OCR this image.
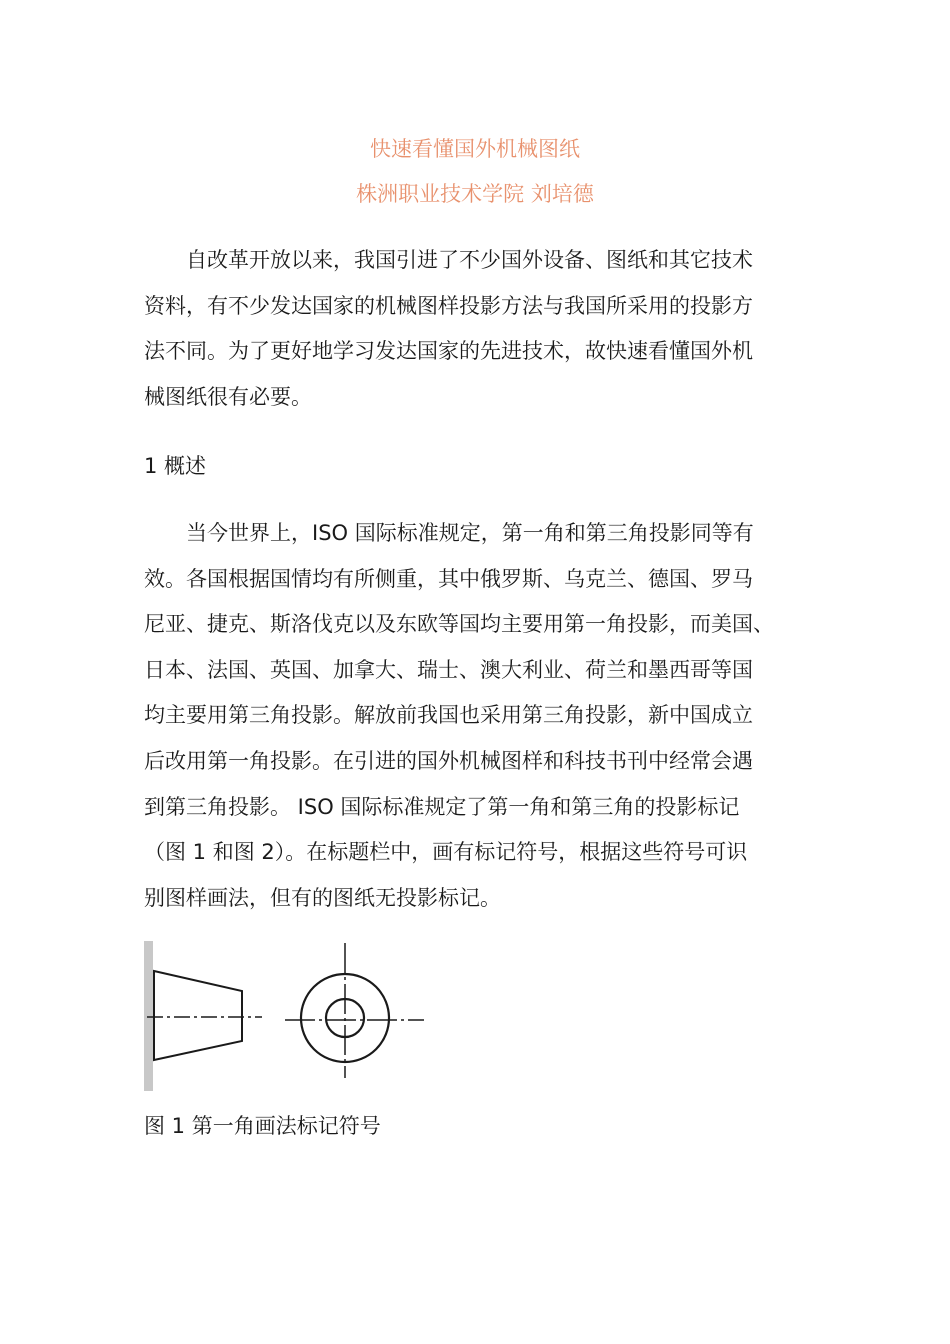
快速看懂国外机械图纸
株洲职业技术学院 刘培德
　　自改革开放以来，我国引进了不少国外设备、图纸和其它技术
资料，有不少发达国家的机械图样投影方法与我国所采用的投影方
法不同。为了更好地学习发达国家的先进技术，故快速看懂国外机
械图纸很有必要。
1 概述
　　当今世界上，ISO 国际标准规定，第一角和第三角投影同等有
效。各国根据国情均有所侧重，其中俄罗斯、乌克兰、德国、罗马
尼亚、捷克、斯洛伐克以及东欧等国均主要用第一角投影，而美国、
日本、法国、英国、加拿大、瑞士、澳大利业、荷兰和墨西哥等国
均主要用第三角投影。解放前我国也采用第三角投影，新中国成立
后改用第一角投影。在引进的国外机械图样和科技书刊中经常会遇
到第三角投影。 ISO 国际标准规定了第一角和第三角的投影标记
（图 1 和图 2）。在标题栏中，画有标记符号，根据这些符号可识
别图样画法，但有的图纸无投影标记。
图 1 第一角画法标记符号
